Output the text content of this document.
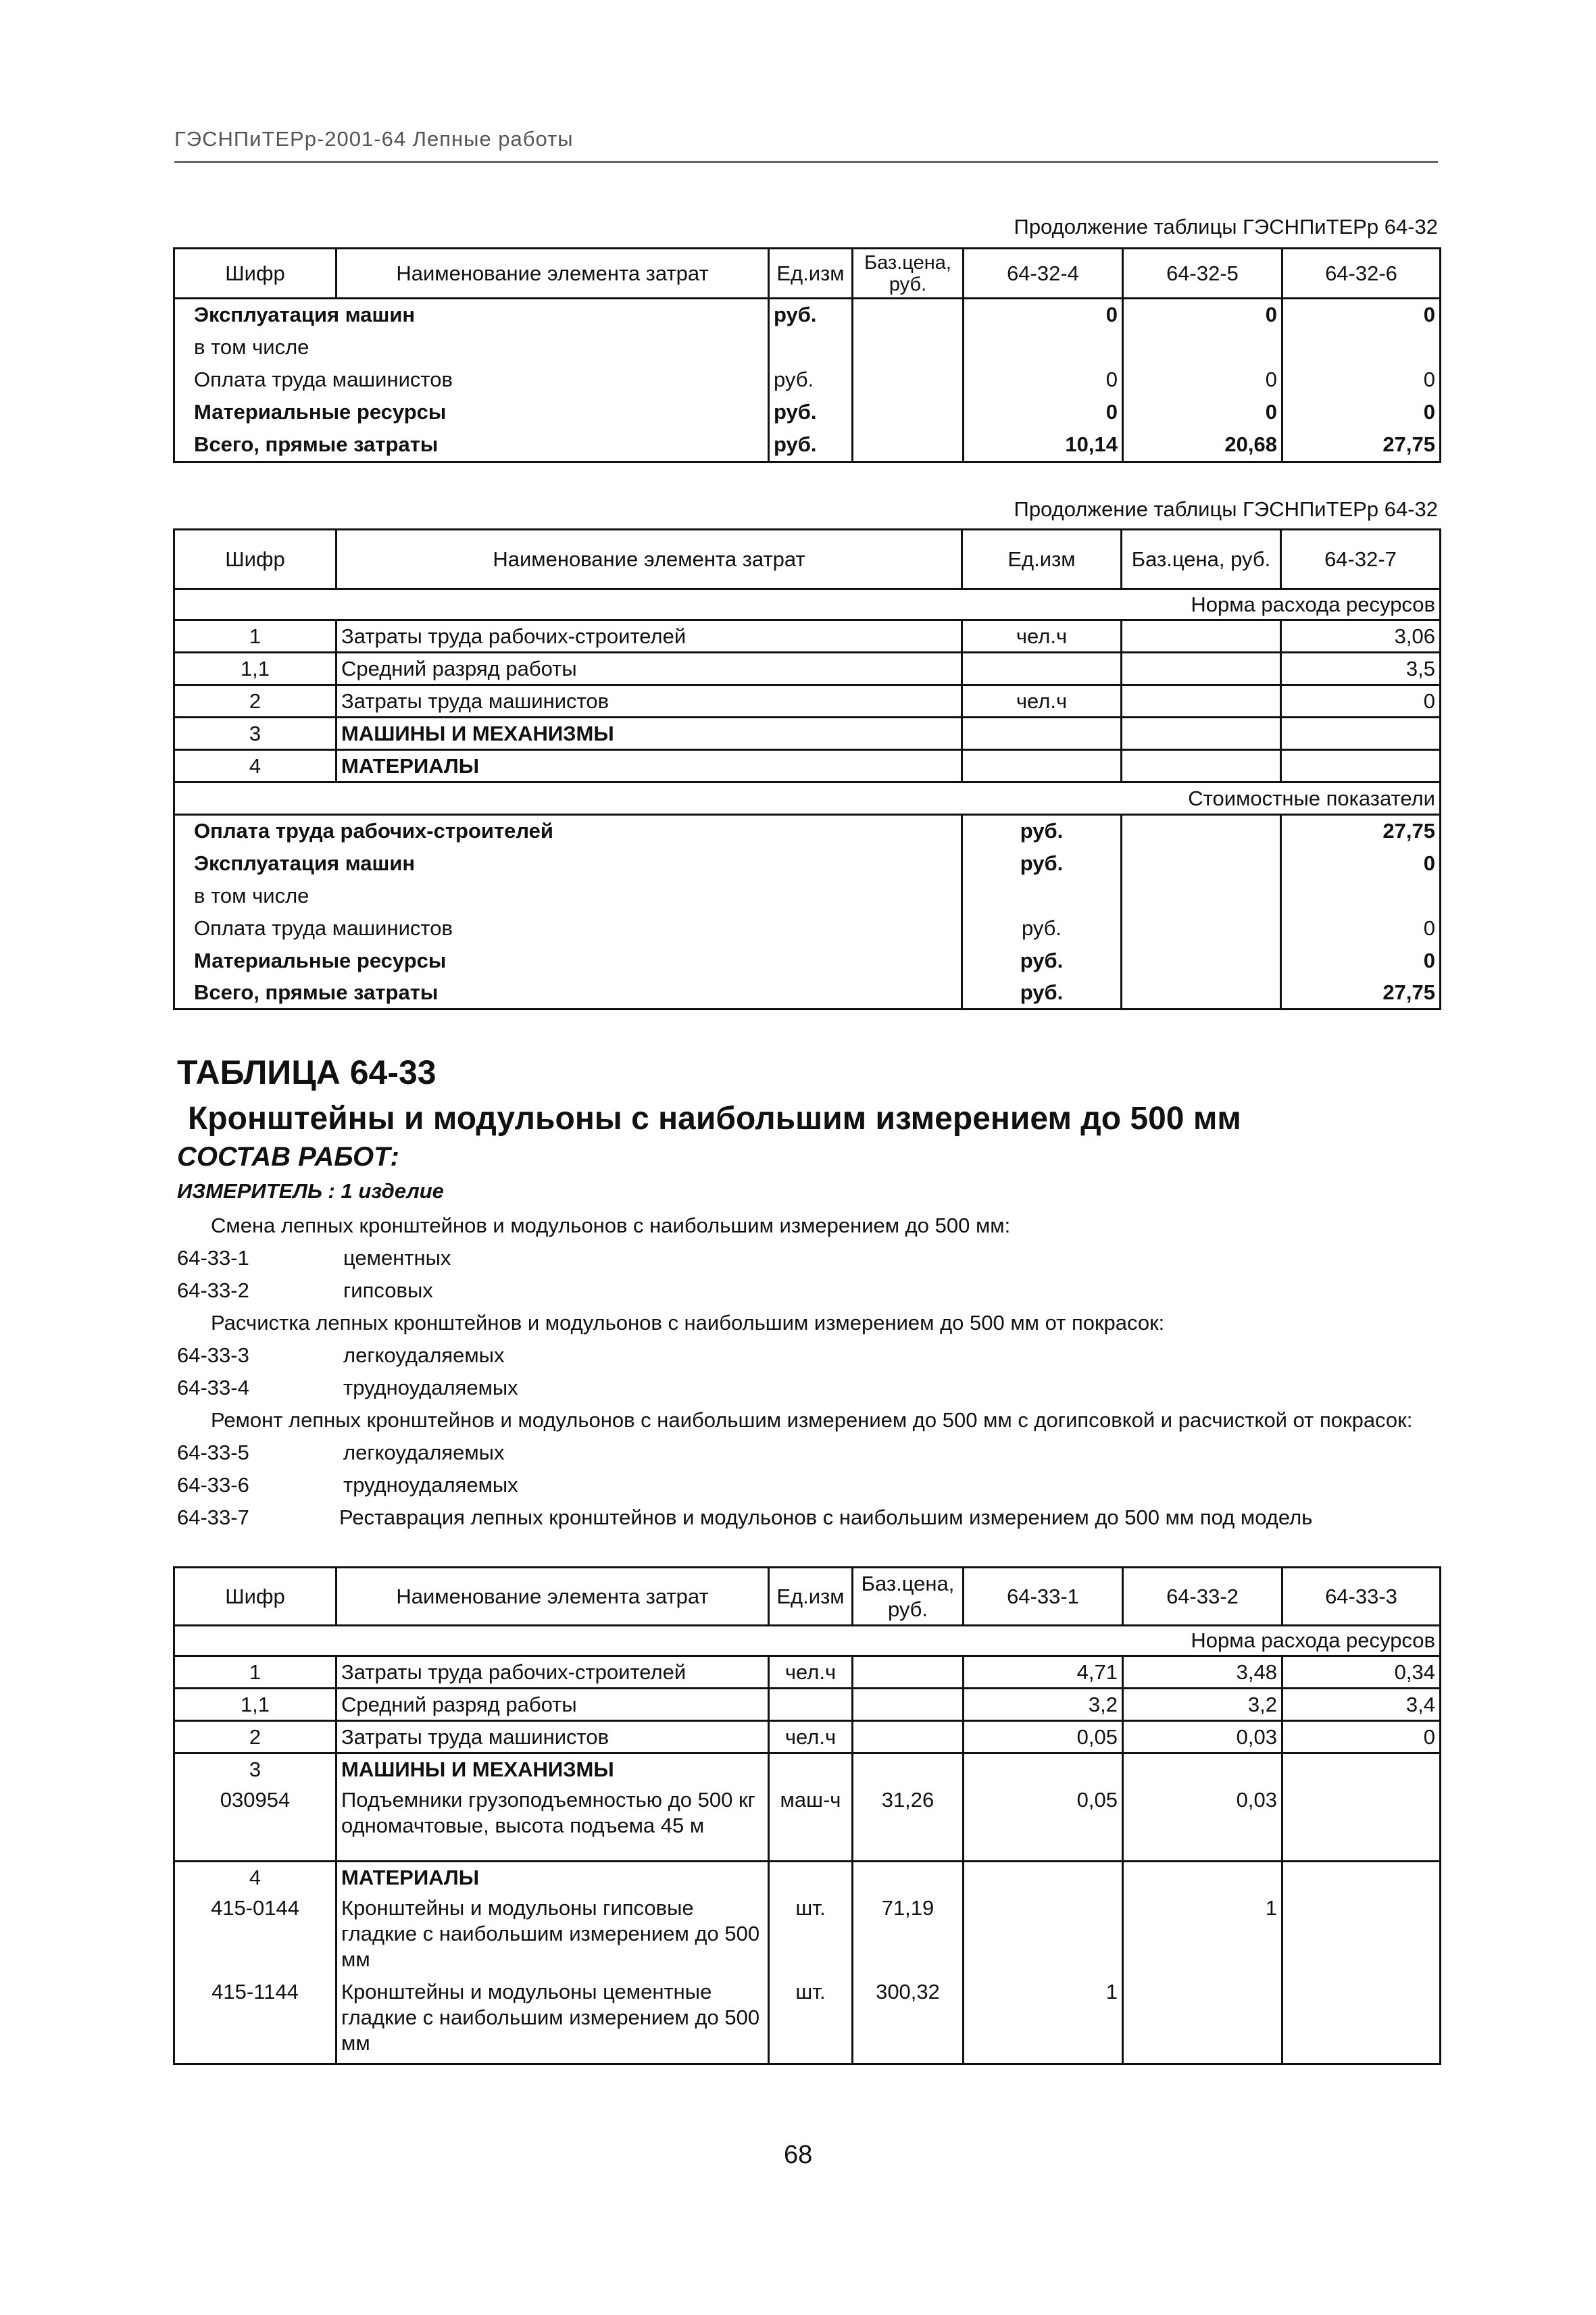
ГЭСНПиТЕРр-2001-64 Лепные работы
Продолжение таблицы ГЭСНПиТЕРр 64-32
Шифр	Наименование элемента затрат	Ед.изм	Баз.цена, руб.	64-32-4	64-32-5	64-32-6
Эксплуатация машин		руб.		0	0	0
в том числе						
Оплата труда машинистов		руб.		0	0	0
Материальные ресурсы		руб.		0	0	0
Всего, прямые затраты		руб.		10,14	20,68	27,75
Продолжение таблицы ГЭСНПиТЕРр 64-32
Шифр	Наименование элемента затрат	Ед.изм	Баз.цена, руб.	64-32-7
Норма расхода ресурсов				
1	Затраты труда рабочих-строителей	чел.ч		3,06
1,1	Средний разряд работы			3,5
2	Затраты труда машинистов	чел.ч		0
3	МАШИНЫ И МЕХАНИЗМЫ			
4	МАТЕРИАЛЫ			
Стоимостные показатели				
Оплата труда рабочих-строителей		руб.		27,75
Эксплуатация машин		руб.		0
в том числе				
Оплата труда машинистов		руб.		0
Материальные ресурсы		руб.		0
Всего, прямые затраты		руб.		27,75
ТАБЛИЦА 64-33
Кронштейны и модульоны с наибольшим измерением до 500 мм
СОСТАВ РАБОТ:
ИЗМЕРИТЕЛЬ : 1 изделие
Смена лепных кронштейнов и модульонов с наибольшим измерением до 500 мм:
64-33-1	цементных
64-33-2	гипсовых
Расчистка лепных кронштейнов и модульонов с наибольшим измерением до 500 мм от покрасок:
64-33-3	легкоудаляемых
64-33-4	трудноудаляемых
Ремонт лепных кронштейнов и модульонов с наибольшим измерением до 500 мм с догипсовкой и расчисткой от покрасок:
64-33-5	легкоудаляемых
64-33-6	трудноудаляемых
64-33-7	Реставрация лепных кронштейнов и модульонов с наибольшим измерением до 500 мм под модель
Шифр	Наименование элемента затрат	Ед.изм	Баз.цена, руб.	64-33-1	64-33-2	64-33-3
Норма расхода ресурсов						
1	Затраты труда рабочих-строителей	чел.ч		4,71	3,48	0,34
1,1	Средний разряд работы			3,2	3,2	3,4
2	Затраты труда машинистов	чел.ч		0,05	0,03	0
3	МАШИНЫ И МЕХАНИЗМЫ					
030954	Подъемники грузоподъемностью до 500 кг одномачтовые, высота подъема 45 м	маш-ч	31,26	0,05	0,03	
4	МАТЕРИАЛЫ					
415-0144	Кронштейны и модульоны гипсовые гладкие с наибольшим измерением до 500 мм	шт.	71,19		1	
415-1144	Кронштейны и модульоны цементные гладкие с наибольшим измерением до 500 мм	шт.	300,32	1		
68
